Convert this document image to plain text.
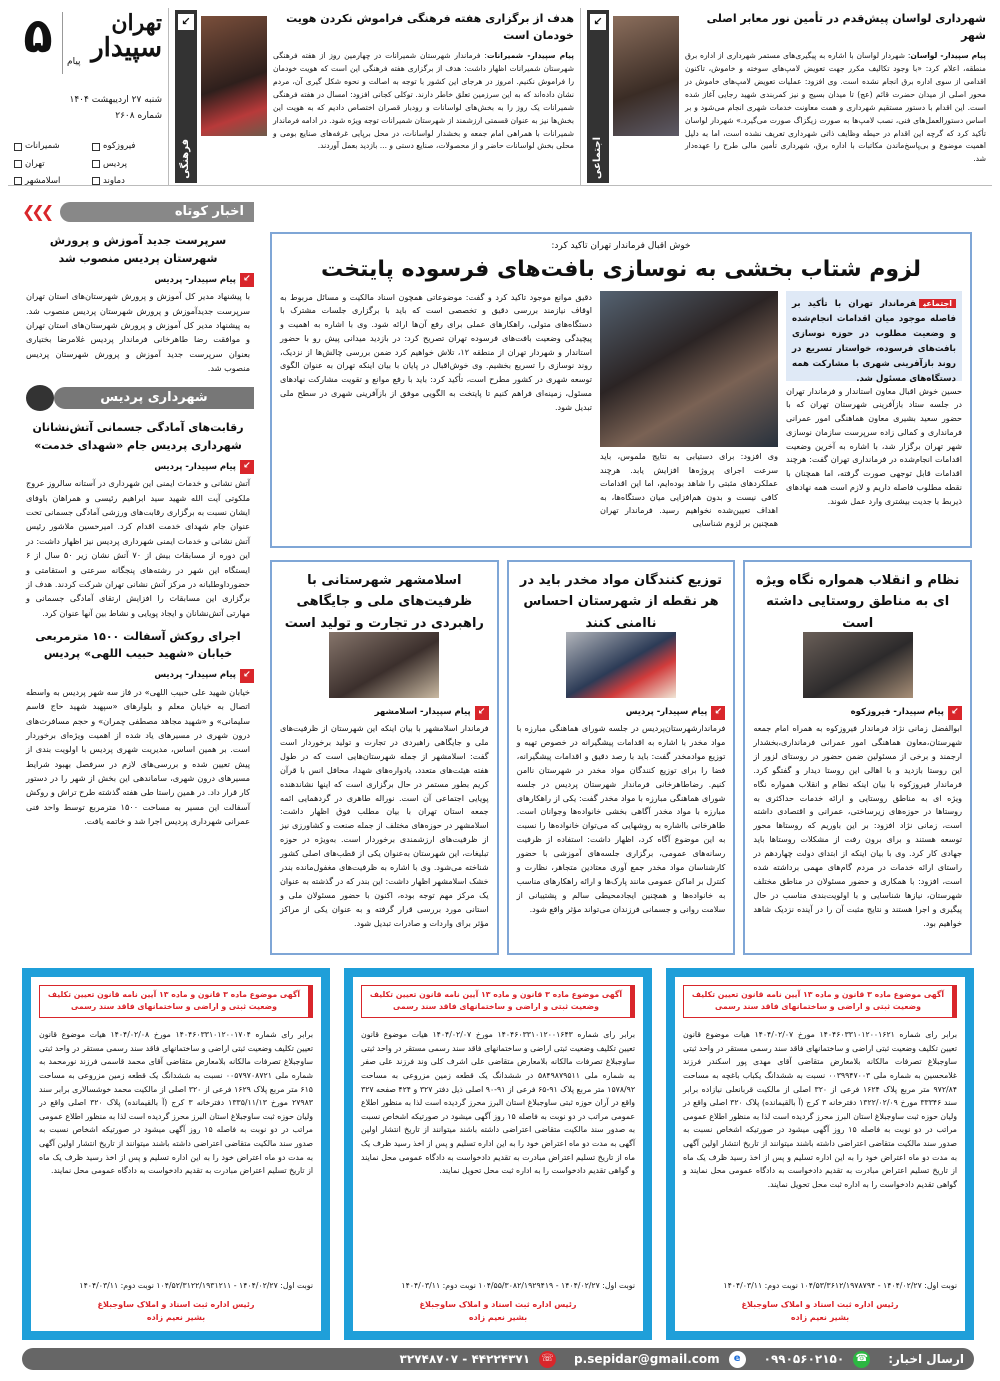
۵	تهران
سپیدار
پیام
شنبه ۲۷ اردیبهشت ۱۴۰۴
شماره ۲۶۰۸
فیروزکوه
شمیرانات
پردیس
تهران
دماوند
اسلامشهر
هدف از برگزاری هفته فرهنگی فراموش نکردن هویت خودمان است

پیام سپیدار- شمیرانات: فرماندار شهرستان شمیرانات در چهارمین روز از هفته فرهنگی شهرستان شمیرانات اظهار داشت: هدف از برگزاری هفته فرهنگی این است که هویت خودمان را فراموش نکنیم. امروز در هرجای این کشور با توجه به اصالت و نحوه شکل گیری آن، مردم نشان داده‌اند که به این سرزمین تعلق خاطر دارند. توکلی کجانی افزود: امسال در هفته فرهنگی شمیرانات یک روز را به بخش‌های لواسانات و رودبار قصران اختصاص دادیم که به هویت این بخش‌ها نیز به عنوان قسمتی ارزشمند از شهرستان شمیرانات توجه ویژه شود. در ادامه فرماندار شمیرانات با همراهی امام جمعه و بخشدار لواسانات، در محل برپایی غرفه‌های صنایع بومی و محلی بخش لواسانات حاضر و از محصولات، صنایع دستی و ... بازدید بعمل آوردند.

↙
فرهنگی
شهرداری لواسان پیش‌قدم در تأمین نور معابر اصلی شهر

پیام سپیدار- لواسان: شهردار لواسان با اشاره به پیگیری‌های مستمر شهرداری از اداره برق منطقه، اعلام کرد: «با وجود تکالیف مکرر جهت تعویض لامپ‌های سوخته و خاموش، تاکنون اقدامی از سوی اداره برق انجام نشده است. وی افزود: عملیات تعویض لامپ‌های خاموش در محور اصلی از میدان حضرت قائم (عج) تا میدان بسیج و نیز کمربندی شهید رجایی آغاز شده است. این اقدام با دستور مستقیم شهرداری و همت معاونت خدمات شهری انجام می‌شود و بر اساس دستورالعمل‌های فنی، نصب لامپ‌ها به صورت زیگزاگ صورت می‌گیرد.» شهردار لواسان تأکید کرد که گرچه این اقدام در حیطه وظایف ذاتی شهرداری تعریف نشده است، اما به دلیل اهمیت موضوع و بی‌پاسخ‌ماندن مکاتبات با اداره برق، شهرداری تأمین مالی طرح را عهده‌دار شد.

↙
اجتماعی
❮❮❮	اخبار کوتاه
سرپرست جدید آموزش و پرورش شهرستان پردیس منصوب شد
↙
پیام سپیدار- پردیس

با پیشنهاد مدیر کل آموزش و پرورش شهرستان‌های استان تهران سرپرست جدیدآموزش و پرورش شهرستان پردیس منصوب شد. به پیشنهاد مدیر کل آموزش و پرورش شهرستان‌های استان تهران و موافقت رضا طاهرخانی فرماندار پردیس غلامرضا بختیاری بعنوان سرپرست جدید آموزش و پرورش شهرستان پردیس منصوب شد.

شهرداری پردیس
رقابت‌های آمادگی جسمانی آتش‌نشانان شهرداری پردیس جام «شهدای خدمت»
↙
پیام سپیدار- پردیس

آتش نشانی و خدمات ایمنی این شهرداری در آستانه سالروز عروج ملکوتی آیت الله شهید سید ابراهیم رئیسی و همراهان باوفای ایشان نسبت به برگزاری رقابت‌های ورزشی آمادگی جسمانی تحت عنوان جام شهدای خدمت اقدام کرد. امیرحسین ملاشور رئیس آتش نشانی و خدمات ایمنی شهرداری پردیس نیز اظهار داشت: در این دوره از مسابقات بیش از ۷۰ آتش نشان زیر ۵۰ سال از ۶ ایستگاه این شهر در رشته‌های پنجگانه سرعتی و استقامتی و حضورداوطلبانه در مرکز آتش نشانی تهران شرکت کردند. هدف از برگزاری این مسابقات را افزایش ارتقای آمادگی جسمانی و مهارتی آتش‌نشانان و ایجاد پویایی و نشاط بین آنها عنوان کرد.

اجرای روکش آسفالت ۱۵۰۰ مترمربعی خیابان «شهید حبیب اللهی» پردیس
↙
پیام سپیدار- پردیس

خیابان شهید علی حبیب اللهی» در فاز سه شهر پردیس به واسطه اتصال به خیابان معلم و بلوارهای «سپهبد شهید حاج قاسم سلیمانی» و «شهید مجاهد مصطفی چمران» و حجم مسافرت‌های درون شهری در مسیرهای یاد شده از اهمیت ویژه‌ای برخوردار است. بر همین اساس، مدیریت شهری پردیس با اولویت بندی از پیش تعیین شده و بررسی‌های لازم در سرفصل بهبود شرایط مسیرهای درون شهری، ساماندهی این بخش از شهر را در دستور کار قرار داد. در همین راستا طی هفته گذشته طرح تراش و روکش آسفالت این مسیر به مساحت ۱۵۰۰ مترمربع توسط واحد فنی عمرانی شهرداری پردیس اجرا شد و خاتمه یافت.

خوش اقبال فرماندار تهران تاکید کرد:
لزوم شتاب بخشی به نوسازی بافت‌های فرسوده پایتخت
اجتماعیفرماندار تهران با تأکید بر فاصله موجود میان اقدامات انجام‌شده و وضعیت مطلوب در حوزه نوسازی بافت‌های فرسوده، خواستار تسریع در روند بازآفرینی شهری با مشارکت همه دستگاه‌های مسئول شد.

حسین خوش اقبال معاون استاندار و فرماندار تهران در جلسه ستاد بازآفرینی شهرستان تهران که با حضور سعید بشیری معاون هماهنگی امور عمرانی فرمانداری و کمالی زاده سرپرست سازمان نوسازی شهر تهران برگزار شد، با اشاره به آخرین وضعیت اقدامات انجام‌شده در فرمانداری تهران گفت: هرچند اقدامات قابل توجهی صورت گرفته، اما همچنان با نقطه مطلوب فاصله داریم و لازم است همه نهادهای ذیربط با جدیت بیشتری وارد عمل شوند.

وی افزود: برای دستیابی به نتایج ملموس، باید سرعت اجرای پروژه‌ها افزایش یابد. هرچند عملکردهای مثبتی را شاهد بوده‌ایم، اما این اقدامات کافی نیست و بدون هم‌افزایی میان دستگاه‌ها، به اهداف تعیین‌شده نخواهیم رسید. فرماندار تهران همچنین بر لزوم شناسایی

دقیق موانع موجود تاکید کرد و گفت: موضوعاتی همچون اسناد مالکیت و مسائل مربوط به اوقاف نیازمند بررسی دقیق و تخصصی است که باید با برگزاری جلسات مشترک با دستگاه‌های متولی، راهکارهای عملی برای رفع آن‌ها ارائه شود. وی با اشاره به اهمیت و پیچیدگی وضعیت بافت‌های فرسوده تهران تصریح کرد: در بازدید میدانی پیش رو با حضور استاندار و شهردار تهران از منطقه ۱۲، تلاش خواهیم کرد ضمن بررسی چالش‌ها از نزدیک، روند نوسازی را تسریع بخشیم. وی خوش‌اقبال در پایان با بیان اینکه تهران به عنوان الگوی توسعه شهری در کشور مطرح است، تأکید کرد: باید با رفع موانع و تقویت مشارکت نهادهای مسئول، زمینه‌ای فراهم کنیم تا پایتخت به الگویی موفق از بازآفرینی شهری در سطح ملی تبدیل شود.

نظام و انقلاب همواره نگاه ویژه ای به مناطق روستایی داشته است
↙
پیام سپیدار- فیروزکوه

ابوالفضل زمانی نژاد فرماندار فیروزکوه به همراه امام جمعه شهرستان،معاون هماهنگی امور عمرانی فرمانداری،بخشدار ارجمند و برخی از مسئولین ضمن حضور در روستای لزور از این روستا بازدید و با اهالی این روستا دیدار و گفتگو کرد. فرماندار فیروزکوه با بیان اینکه نظام و انقلاب همواره نگاه ویژه ای به مناطق روستایی و ارائه خدمات حداکثری به روستاها در حوزه‌های زیرساختی، عمرانی و اقتصادی داشته است، زمانی نژاد افزود: بر این باوریم که روستاها محور توسعه هستند و برای برون رفت از مشکلات روستاها باید جهادی کار کرد. وی با بیان اینکه از ابتدای دولت چهاردهم در راستای ارائه خدمات در مردم گام‌های مهمی برداشته شده است، افزود: با همکاری و حضور مسئولان در مناطق مختلف شهرستان، نیازها شناسایی و با اولویت‌بندی مناسب در حال پیگیری و اجرا هستند و نتایج مثبت آن را در آینده نزدیک شاهد خواهیم بود.

توزیع کنندگان مواد مخدر باید در هر نقطه از شهرستان احساس ناامنی کنند
↙
پیام سپیدار- پردیس

فرماندارشهرستان‌پردیس در جلسه شورای هماهنگی مبارزه با مواد مخدر با اشاره به اقدامات پیشگیرانه در خصوص تهیه و توزیع موادمخدر گفت: باید با رصد دقیق و اقدامات پیشگیرانه، فضا را برای توزیع کنندگان مواد مخدر در شهرستان ناامن کنیم. رضاطاهرخانی فرماندار شهرستان پردیس در جلسه شورای هماهنگی مبارزه با مواد مخدر گفت: یکی از راهکارهای مبارزه با مواد مخدر آگاهی بخشی خانواده‌ها وجوانان است. طاهرخانی بااشاره به روشهایی که می‌توان خانواده‌ها را نسبت به این موضوع آگاه کرد، اظهار داشت: استفاده از ظرفیت رسانه‌های عمومی، برگزاری جلسه‌های آموزشی با حضور کارشناسان مواد مخدر جمع آوری معتادین متجاهر، نظارت و کنترل بر اماکن عمومی مانند پارک‌ها و ارائه راهکارهای مناسب به خانواده‌ها و همچنین ایجادمحیطی سالم و پشتیبانی از سلامت روانی و جسمانی فرزندان می‌تواند مؤثر واقع شود.

اسلامشهر شهرستانی با ظرفیت‌های ملی و جایگاهی راهبردی در تجارت و تولید است
↙
پیام سپیدار- اسلامشهر

فرماندار اسلامشهر با بیان اینکه این شهرستان از ظرفیت‌های ملی و جایگاهی راهبردی در تجارت و تولید برخوردار است گفت: اسلامشهر از جمله شهرستان‌هایی است که در طول هفته هیئت‌های متعدد، یادواره‌های شهدا، محافل انس با قرآن کریم بطور مستمر در حال برگزاری است که اینها نشاندهنده پویایی اجتماعی آن است. نوراله طاهری در گردهمایی ائمه جمعه استان تهران با بیان مطلب فوق اظهار داشت: اسلامشهر در حوزه‌های مختلف از جمله صنعت و کشاورزی نیز از ظرفیت‌های ارزشمندی برخوردار است. به‌ویژه در حوزه تبلیغات، این شهرستان به‌عنوان یکی از قطب‌های اصلی کشور شناخته می‌شود. وی با اشاره به ظرفیت‌های مغفول‌مانده بندر خشک اسلامشهر اظهار داشت: این بندر که در گذشته به عنوان یک مرکز مهم توجه بوده، اکنون با حضور مسئولان ملی و استانی مورد بررسی قرار گرفته و به عنوان یکی از مراکز مؤثر برای واردات و صادرات تبدیل شود.

آگهی موضوع ماده ۳ قانون و ماده ۱۳ آیین نامه قانون تعیین تکلیف وضعیت ثبتی و اراضی و ساختمانهای فاقد سند رسمی

برابر رای شماره ۱۴۰۴۶۰۳۳۱۰۱۲۰۰۱۶۲۱ مورخ ۱۴۰۴/۰۲/۰۷ هیات موضوع قانون تعیین تکلیف وضعیت ثبتی اراضی و ساختمانهای فاقد سند رسمی مستقر در واحد ثبتی ساوجبلاغ تصرفات مالکانه بلامعارض متقاضی آقای مهدی پور اسکندر فرزند غلامحسین به شماره ملی ۰۰۳۹۹۴۷۰۰۳ نسبت به ششدانگ یکباب باغچه به مساحت ۹۷۲/۸۴ متر مربع پلاک ۱۶۲۴ فرعی از ۳۲۰ اصلی از مالکیت قربانعلی نیازاده برابر سند ۳۳۳۴۶ مورخ ۱۳۲۲/۰۲/۰۹ دفترخانه ۳ کرج (آ بالقیمانده) پلاک ۳۲۰ اصلی واقع در ولیان حوزه ثبت ساوجبلاغ استان البرز محرز گردیده است لذا به منظور اطلاع عمومی مراتب در دو نوبت به فاصله ۱۵ روز آگهی میشود در صورتیکه اشخاص نسبت به صدور سند مالکیت متقاضی اعتراضی داشته باشند میتوانند از تاریخ انتشار اولین آگهی به مدت دو ماه اعتراض خود را به این اداره تسلیم و پس از اخذ رسید ظرف یک ماه از تاریخ تسلیم اعتراض مبادرت به تقدیم دادخواست به دادگاه عمومی محل نمایند و گواهی تقدیم دادخواست را به اداره ثبت محل تحویل نمایند.

نوبت اول: ۱۴۰۴/۰۲/۲۷ - ۱۰۴/۵۳/۳۶۱۲/۱۹۷۸۷۹۴ نوبت دوم: ۱۴۰۴/۰۳/۱۱

رئیس اداره ثبت اسناد و املاک ساوجبلاغ
بشیر نعیم زاده
آگهی موضوع ماده ۳ قانون و ماده ۱۳ آیین نامه قانون تعیین تکلیف وضعیت ثبتی و اراضی و ساختمانهای فاقد سند رسمی

برابر رای شماره ۱۴۰۴۶۰۳۳۱۰۱۲۰۰۱۶۴۳ مورخ ۱۴۰۴/۰۲/۰۷ هیات موضوع قانون تعیین تکلیف وضعیت ثبتی اراضی و ساختمانهای فاقد سند رسمی مستقر در واحد ثبتی ساوجبلاغ تصرفات مالکانه بلامعارض متقاضی علی اشرف کلی وند فرزند علی صفر به شماره ملی ۵۸۴۹۸۷۹۵۱۱ در ششدانگ یک قطعه زمین مزروعی به مساحت ۱۵۷۸/۹۲ متر مربع پلاک ۹۱-۶۵ فرعی از ۹۱-۹۰ اصلی ذیل دفتر ۳۲۷ و ۴۲۴ صفحه ۳۲۷ واقع در آران حوزه ثبتی ساوجبلاغ استان البرز محرز گردیده است لذا به منظور اطلاع عمومی مراتب در دو نوبت به فاصله ۱۵ روز آگهی میشود در صورتیکه اشخاص نسبت به صدور سند مالکیت متقاضی اعتراضی داشته باشند میتوانند از تاریخ انتشار اولین آگهی به مدت دو ماه اعتراض خود را به این اداره تسلیم و پس از اخذ رسید ظرف یک ماه از تاریخ تسلیم اعتراض مبادرت به تقدیم دادخواست به دادگاه عمومی محل نمایند و گواهی تقدیم دادخواست را به اداره ثبت محل تحویل نمایند.

نوبت اول: ۱۴۰۴/۰۲/۲۷ - ۱۰۴/۵۵/۳۰۸۲/۱۹۲۹۴۱۹ نوبت دوم: ۱۴۰۴/۰۳/۱۱

رئیس اداره ثبت اسناد و املاک ساوجبلاغ
بشیر نعیم زاده
آگهی موضوع ماده ۳ قانون و ماده ۱۳ آیین نامه قانون تعیین تکلیف وضعیت ثبتی و اراضی و ساختمانهای فاقد سند رسمی

برابر رای شماره ۱۴۰۴۶۰۳۳۱۰۱۲۰۰۱۷۰۴ مورخ ۱۴۰۴/۰۲/۰۸ هیات موضوع قانون تعیین تکلیف وضعیت ثبتی اراضی و ساختمانهای فاقد سند رسمی مستقر در واحد ثبتی ساوجبلاغ تصرفات مالکانه بلامعارض متقاضی آقای محمد قاسمی فرزند نورمحمد به شماره ملی ۰۰۵۷۹۷۰۸۷۲۱ نسبت به ششدانگ یک قطعه زمین مزروعی به مساحت ۶۱۵ متر مربع پلاک ۱۶۲۹ فرعی از ۳۲۰ اصلی از مالکیت محمد خوشسالاری برابر سند ۲۷۹۸۳ مورخ ۱۳۳۵/۱۱/۱۳ دفترخانه ۳ کرج (آ بالقیمانده) پلاک ۳۲۰ اصلی واقع در ولیان حوزه ثبت ساوجبلاغ استان البرز محرز گردیده است لذا به منظور اطلاع عمومی مراتب در دو نوبت به فاصله ۱۵ روز آگهی میشود در صورتیکه اشخاص نسبت به صدور سند مالکیت متقاضی اعتراضی داشته باشند میتوانند از تاریخ انتشار اولین آگهی به مدت دو ماه اعتراض خود را به این اداره تسلیم و پس از اخذ رسید ظرف یک ماه از تاریخ تسلیم اعتراض مبادرت به تقدیم دادخواست به دادگاه عمومی محل نمایند.

نوبت اول: ۱۴۰۴/۰۲/۲۷ - ۱۰۴/۵۲/۳۱۲۲/۱۹۳۱۲۱۱ نوبت دوم: ۱۴۰۴/۰۳/۱۱

رئیس اداره ثبت اسناد و املاک ساوجبلاغ
بشیر نعیم زاده
ارسال اخبار:
۰۹۹۰۵۶۰۲۱۵۰ ☎
p.sepidar@gmail.com	e
۳۲۷۴۸۷۰۷ - ۴۴۲۲۴۳۷۱ ☏
